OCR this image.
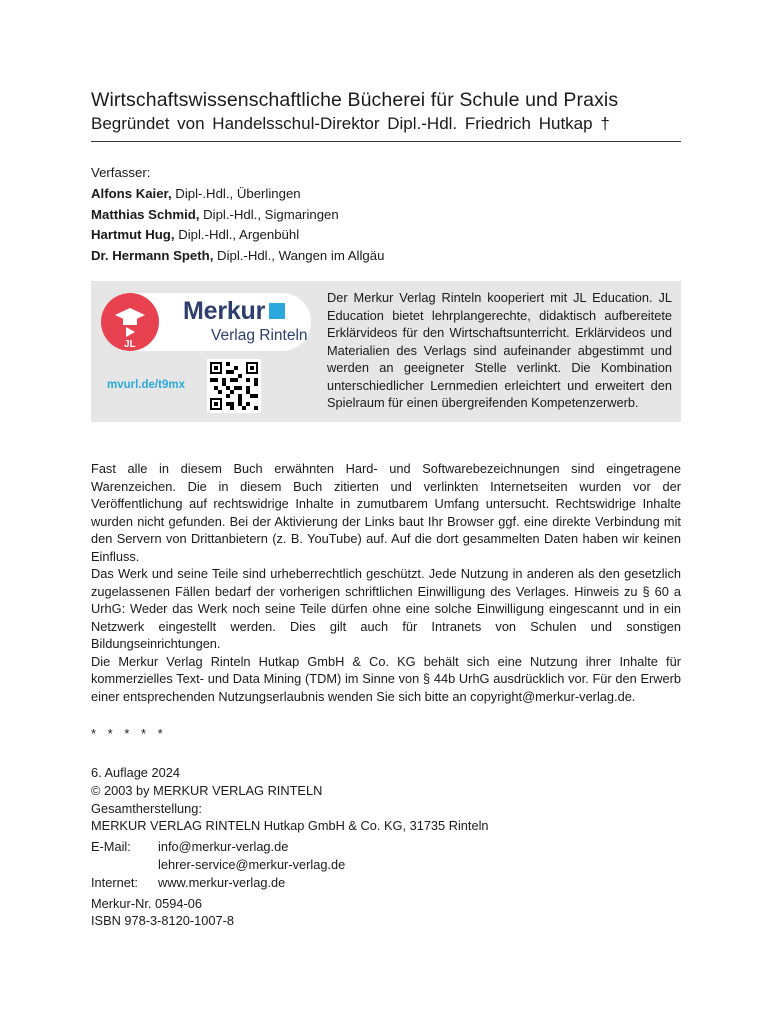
Wirtschaftswissenschaftliche Bücherei für Schule und Praxis
Begründet von Handelsschul-Direktor Dipl.-Hdl. Friedrich Hutkap †
Verfasser:
Alfons Kaier, Dipl-.Hdl., Überlingen
Matthias Schmid, Dipl.-Hdl., Sigmaringen
Hartmut Hug, Dipl.-Hdl., Argenbühl
Dr. Hermann Speth, Dipl.-Hdl., Wangen im Allgäu
JL
Merkur
Verlag Rinteln
mvurl.de/t9mx
Der Merkur Verlag Rinteln kooperiert mit JL Education. JL Education bietet lehrplangerechte, didaktisch aufbereitete Erklärvideos für den Wirtschaftsunterricht. Erklärvideos und Materialien des Verlags sind aufeinander abgestimmt und werden an geeigneter Stelle verlinkt. Die Kombination unterschiedlicher Lernmedien erleichtert und erweitert den Spielraum für einen übergreifenden Kompetenzerwerb.

Fast alle in diesem Buch erwähnten Hard- und Softwarebezeichnungen sind eingetragene Warenzeichen. Die in diesem Buch zitierten und verlinkten Internetseiten wurden vor der Veröffentlichung auf rechtswidrige Inhalte in zumutbarem Umfang untersucht. Rechtswidrige Inhalte wurden nicht gefunden. Bei der Aktivierung der Links baut Ihr Browser ggf. eine direkte Verbindung mit den Servern von Drittanbietern (z. B. YouTube) auf. Auf die dort gesammelten Daten haben wir keinen Einfluss.

Das Werk und seine Teile sind urheberrechtlich geschützt. Jede Nutzung in anderen als den gesetzlich zugelassenen Fällen bedarf der vorherigen schriftlichen Einwilligung des Verlages. Hinweis zu § 60 a UrhG: Weder das Werk noch seine Teile dürfen ohne eine solche Einwilligung eingescannt und in ein Netzwerk eingestellt werden. Dies gilt auch für Intranets von Schulen und sonstigen Bildungseinrichtungen.

Die Merkur Verlag Rinteln Hutkap GmbH & Co. KG behält sich eine Nutzung ihrer Inhalte für kommerzielles Text- und Data Mining (TDM) im Sinne von § 44b UrhG ausdrücklich vor. Für den Erwerb einer entsprechenden Nutzungserlaubnis wenden Sie sich bitte an copyright@merkur-verlag.de.

* * * * *
6. Auflage 2024
© 2003 by MERKUR VERLAG RINTELN
Gesamtherstellung:
MERKUR VERLAG RINTELN Hutkap GmbH & Co. KG, 31735 Rinteln
E-Mail:	info@merkur-verlag.de
lehrer-service@merkur-verlag.de
Internet:	www.merkur-verlag.de
Merkur-Nr. 0594-06
ISBN 978-3-8120-1007-8
